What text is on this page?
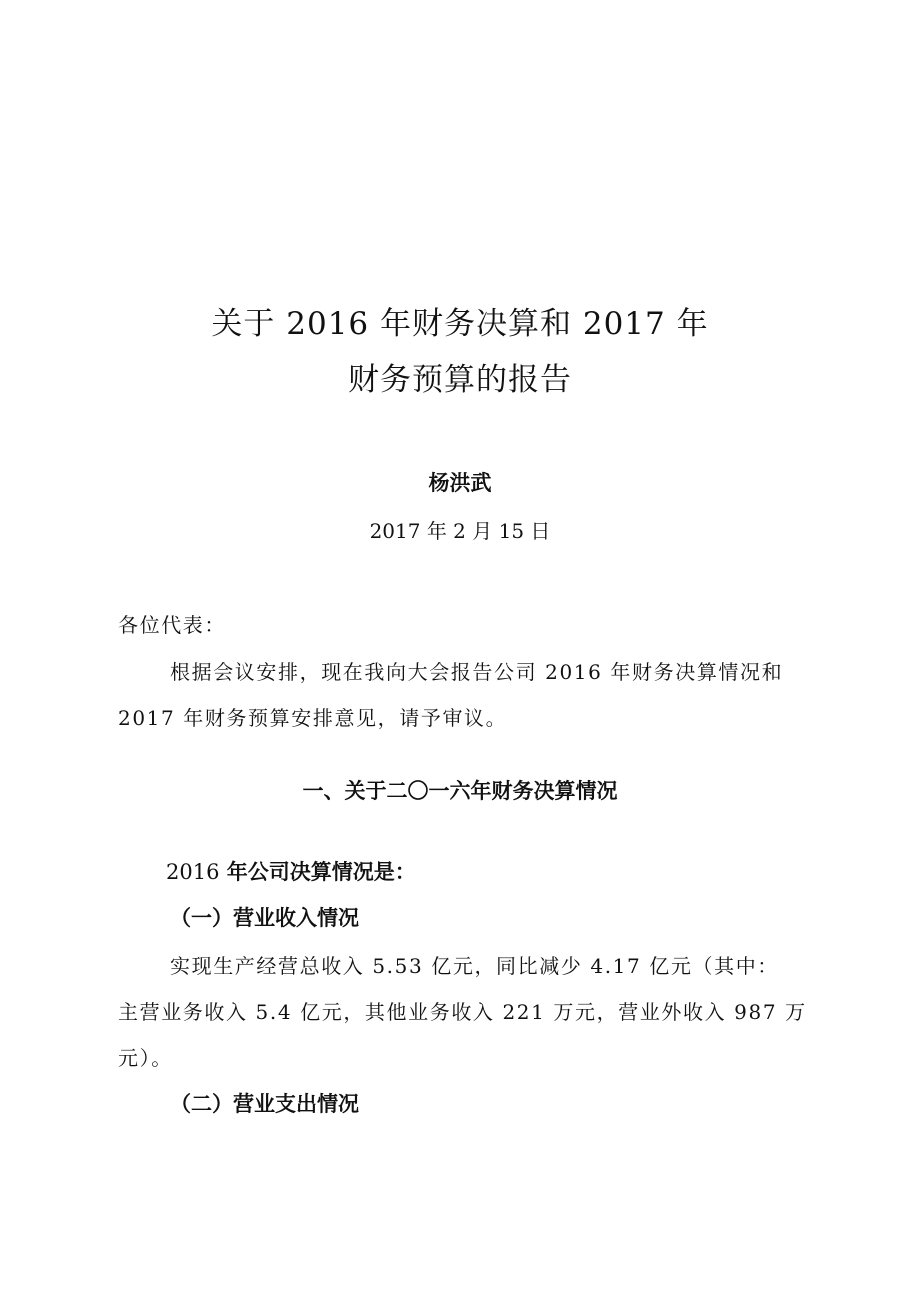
关于 2016 年财务决算和 2017 年
财务预算的报告
杨洪武
2017 年 2 月 15 日
各位代表：
根据会议安排，现在我向大会报告公司 2016 年财务决算情况和
2017 年财务预算安排意见，请予审议。
一、关于二〇一六年财务决算情况
2016 年公司决算情况是：
（一）营业收入情况
实现生产经营总收入 5.53 亿元，同比减少 4.17 亿元（其中：
主营业务收入 5.4 亿元，其他业务收入 221 万元，营业外收入 987 万
元）。
（二）营业支出情况
